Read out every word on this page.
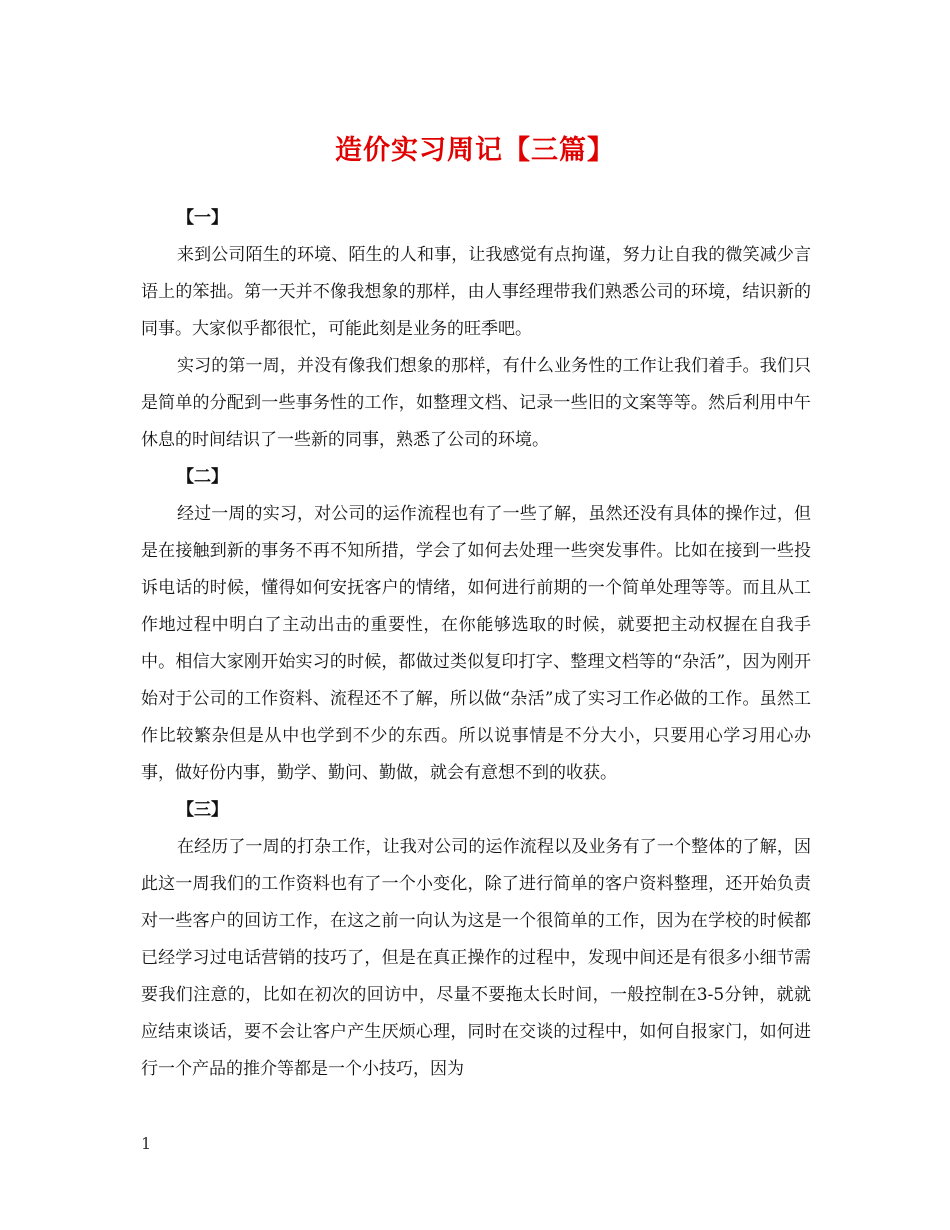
造价实习周记【三篇】

【一】

来到公司陌生的环境、陌生的人和事，让我感觉有点拘谨，努力让自我的微笑减少言语上的笨拙。第一天并不像我想象的那样，由人事经理带我们熟悉公司的环境，结识新的同事。大家似乎都很忙，可能此刻是业务的旺季吧。

实习的第一周，并没有像我们想象的那样，有什么业务性的工作让我们着手。我们只是简单的分配到一些事务性的工作，如整理文档、记录一些旧的文案等等。然后利用中午休息的时间结识了一些新的同事，熟悉了公司的环境。

【二】

经过一周的实习，对公司的运作流程也有了一些了解，虽然还没有具体的操作过，但是在接触到新的事务不再不知所措，学会了如何去处理一些突发事件。比如在接到一些投诉电话的时候，懂得如何安抚客户的情绪，如何进行前期的一个简单处理等等。而且从工作地过程中明白了主动出击的重要性，在你能够选取的时候，就要把主动权握在自我手中。相信大家刚开始实习的时候，都做过类似复印打字、整理文档等的“杂活”，因为刚开始对于公司的工作资料、流程还不了解，所以做“杂活”成了实习工作必做的工作。虽然工作比较繁杂但是从中也学到不少的东西。所以说事情是不分大小，只要用心学习用心办事，做好份内事，勤学、勤问、勤做，就会有意想不到的收获。

【三】

在经历了一周的打杂工作，让我对公司的运作流程以及业务有了一个整体的了解，因此这一周我们的工作资料也有了一个小变化，除了进行简单的客户资料整理，还开始负责对一些客户的回访工作，在这之前一向认为这是一个很简单的工作，因为在学校的时候都已经学习过电话营销的技巧了，但是在真正操作的过程中，发现中间还是有很多小细节需要我们注意的，比如在初次的回访中，尽量不要拖太长时间，一般控制在3-5分钟，就就应结束谈话，要不会让客户产生厌烦心理，同时在交谈的过程中，如何自报家门，如何进行一个产品的推介等都是一个小技巧，因为

1
